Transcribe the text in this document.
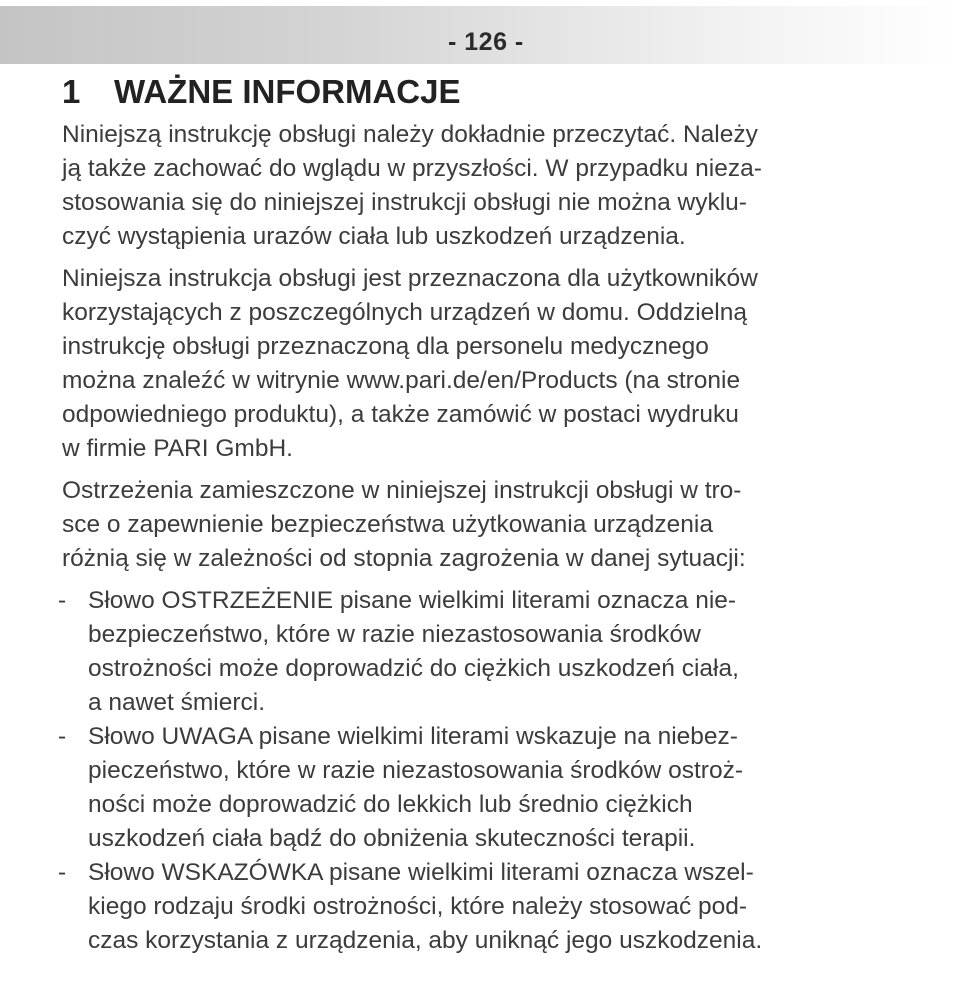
- 126 -
1 WAŻNE INFORMACJE

Niniejszą instrukcję obsługi należy dokładnie przeczytać. Należy
ją także zachować do wglądu w przyszłości. W przypadku nieza-
stosowania się do niniejszej instrukcji obsługi nie można wyklu-
czyć wystąpienia urazów ciała lub uszkodzeń urządzenia.

Niniejsza instrukcja obsługi jest przeznaczona dla użytkowników
korzystających z poszczególnych urządzeń w domu. Oddzielną
instrukcję obsługi przeznaczoną dla personelu medycznego
można znaleźć w witrynie www.pari.de/en/Products (na stronie
odpowiedniego produktu), a także zamówić w postaci wydruku
w firmie PARI GmbH.

Ostrzeżenia zamieszczone w niniejszej instrukcji obsługi w tro-
sce o zapewnienie bezpieczeństwa użytkowania urządzenia
różnią się w zależności od stopnia zagrożenia w danej sytuacji:

- Słowo OSTRZEŻENIE pisane wielkimi literami oznacza nie-
bezpieczeństwo, które w razie niezastosowania środków
ostrożności może doprowadzić do ciężkich uszkodzeń ciała,
a nawet śmierci.
- Słowo UWAGA pisane wielkimi literami wskazuje na niebez-
pieczeństwo, które w razie niezastosowania środków ostroż-
ności może doprowadzić do lekkich lub średnio ciężkich
uszkodzeń ciała bądź do obniżenia skuteczności terapii.
- Słowo WSKAZÓWKA pisane wielkimi literami oznacza wszel-
kiego rodzaju środki ostrożności, które należy stosować pod-
czas korzystania z urządzenia, aby uniknąć jego uszkodzenia.
